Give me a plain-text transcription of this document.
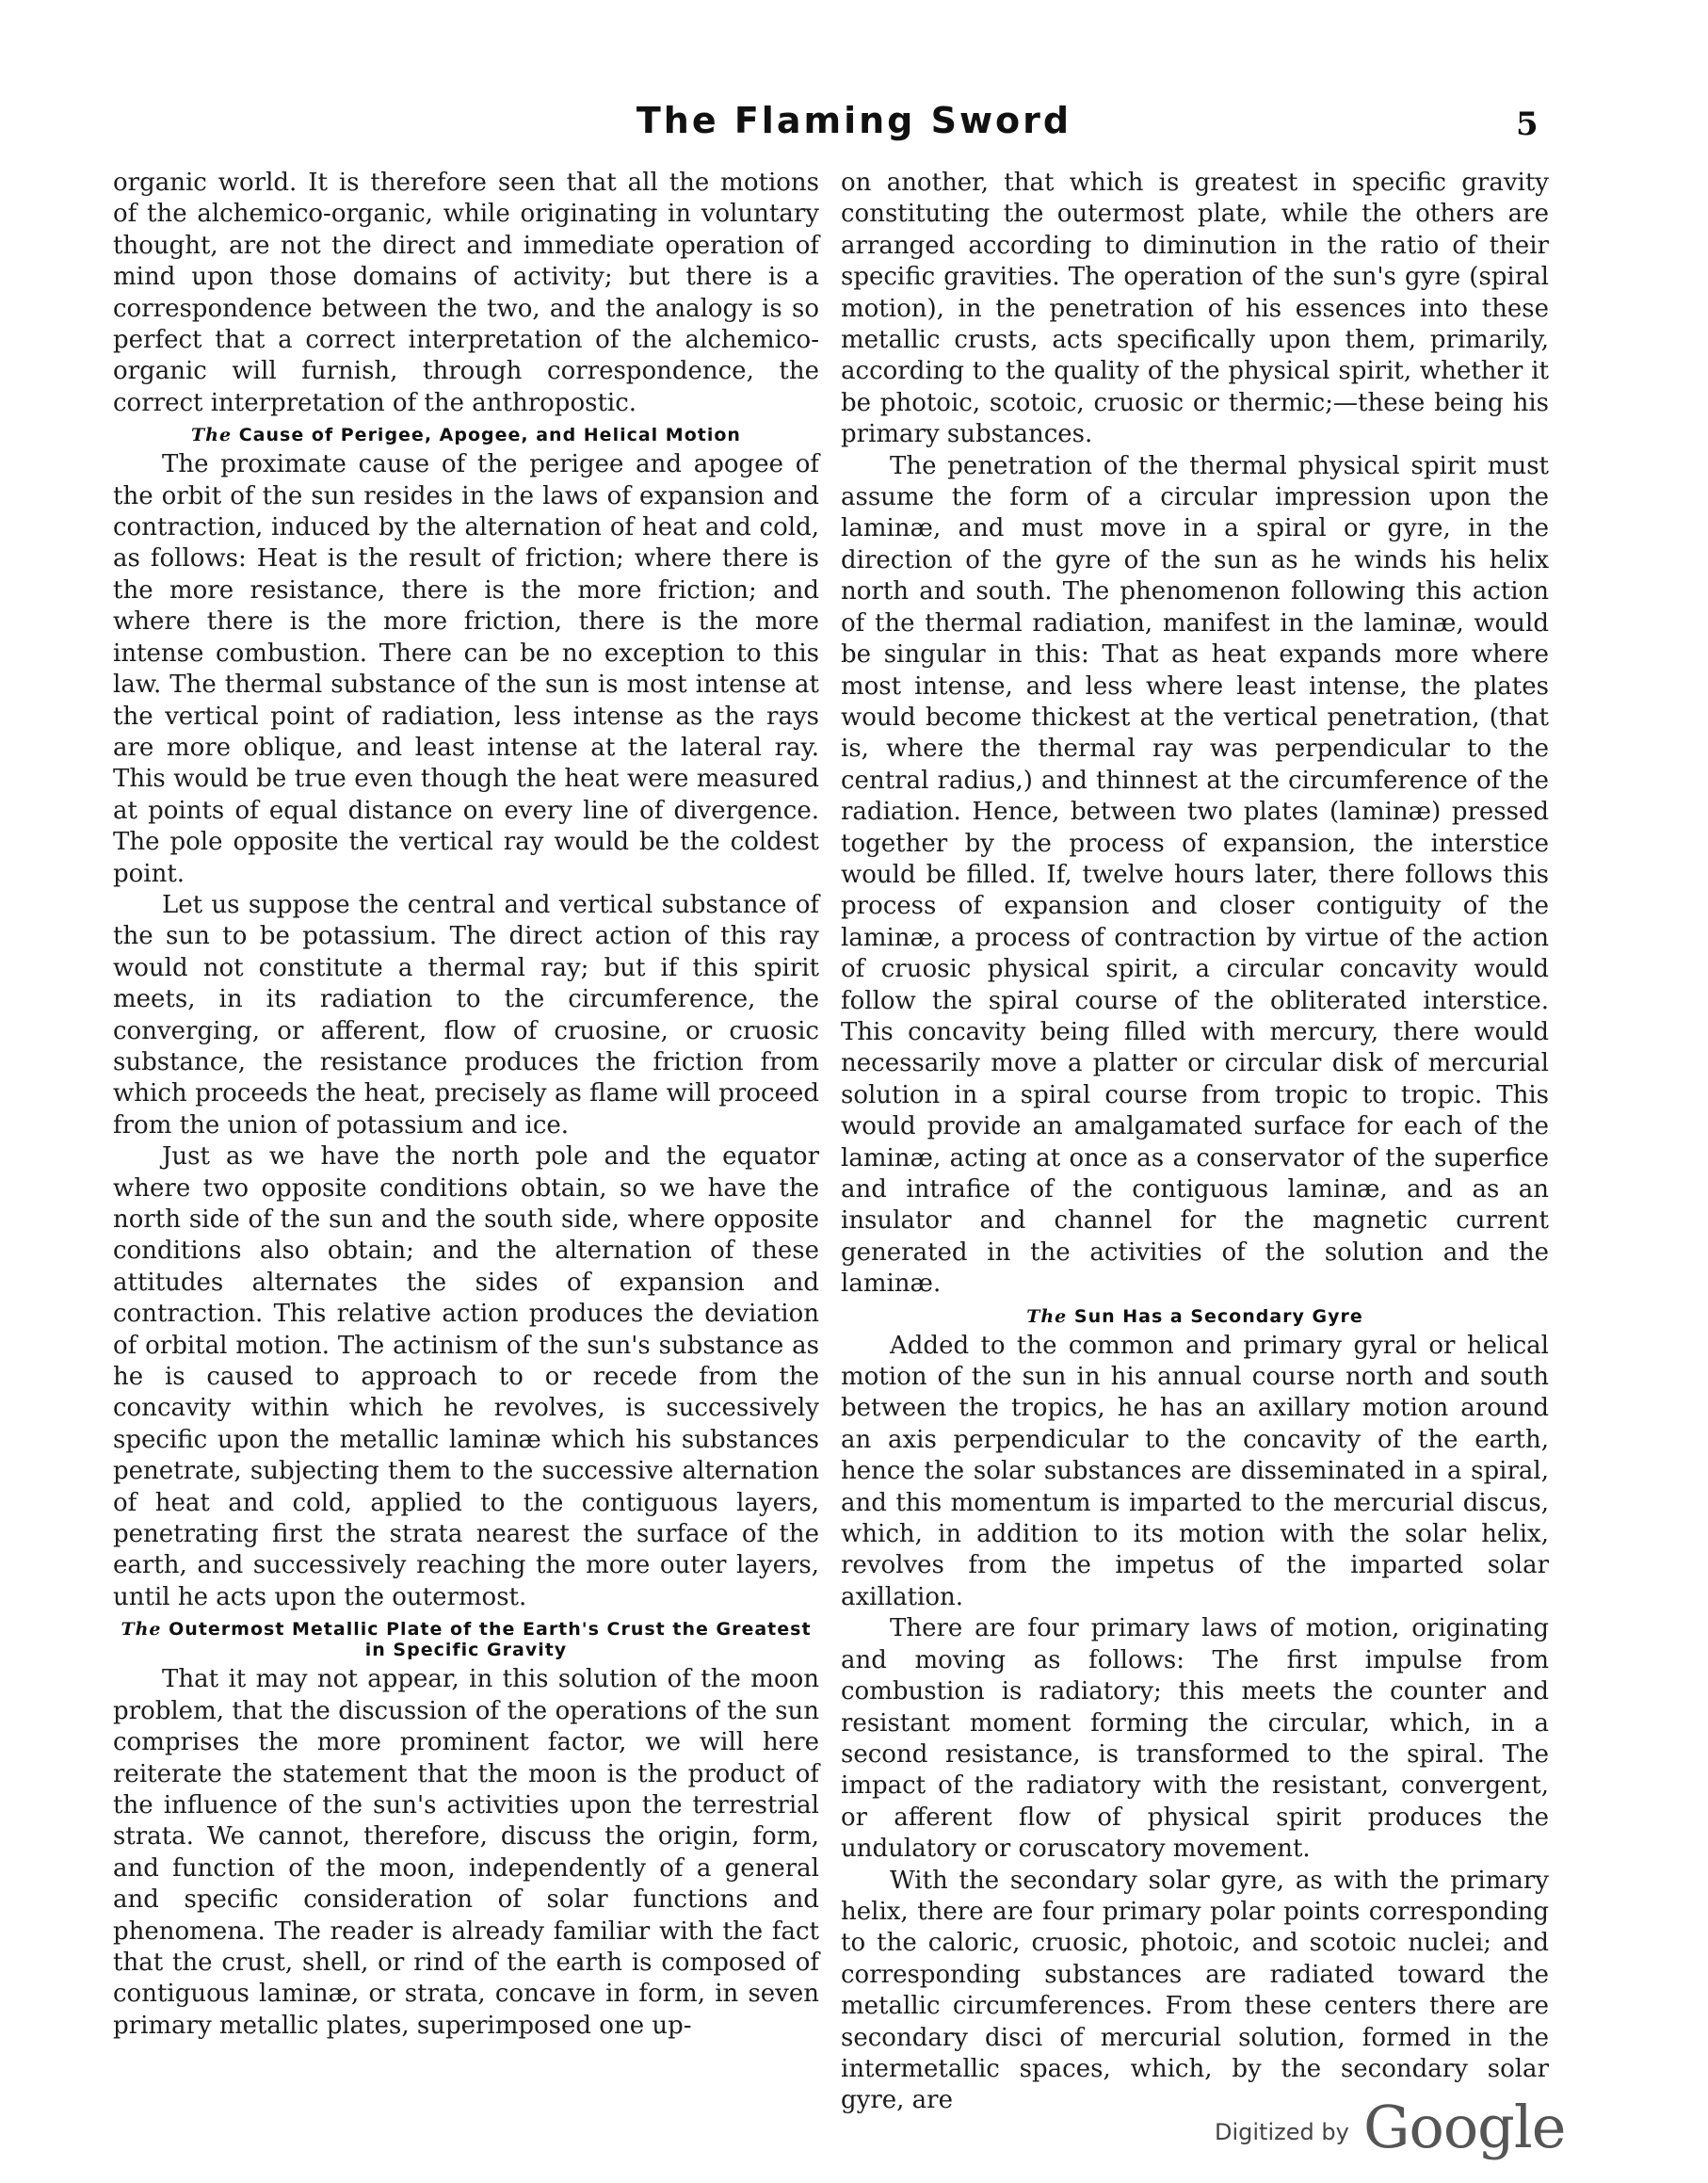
The Flaming Sword	5

organic world. It is therefore seen that all the motions of the alchemico-organic, while originating in voluntary thought, are not the direct and immediate operation of mind upon those domains of activity; but there is a correspondence between the two, and the analogy is so perfect that a correct interpretation of the alchemico-organic will furnish, through correspondence, the correct interpretation of the anthropostic.

The Cause of Perigee, Apogee, and Helical Motion

The proximate cause of the perigee and apogee of the orbit of the sun resides in the laws of expansion and contraction, induced by the alternation of heat and cold, as follows: Heat is the result of friction; where there is the more resistance, there is the more friction; and where there is the more friction, there is the more intense combustion. There can be no exception to this law. The thermal substance of the sun is most intense at the vertical point of radiation, less intense as the rays are more oblique, and least intense at the lateral ray. This would be true even though the heat were measured at points of equal distance on every line of divergence. The pole opposite the vertical ray would be the coldest point.

Let us suppose the central and vertical substance of the sun to be potassium. The direct action of this ray would not constitute a thermal ray; but if this spirit meets, in its radiation to the circumference, the converging, or afferent, flow of cruosine, or cruosic substance, the resistance produces the friction from which proceeds the heat, precisely as flame will proceed from the union of potassium and ice.

Just as we have the north pole and the equator where two opposite conditions obtain, so we have the north side of the sun and the south side, where opposite conditions also obtain; and the alternation of these attitudes alternates the sides of expansion and contraction. This relative action produces the deviation of orbital motion. The actinism of the sun's substance as he is caused to approach to or recede from the concavity within which he revolves, is successively specific upon the metallic laminæ which his substances penetrate, subjecting them to the successive alternation of heat and cold, applied to the contiguous layers, penetrating first the strata nearest the surface of the earth, and successively reaching the more outer layers, until he acts upon the outermost.

The Outermost Metallic Plate of the Earth's Crust the Greatest in Specific Gravity

That it may not appear, in this solution of the moon problem, that the discussion of the operations of the sun comprises the more prominent factor, we will here reiterate the statement that the moon is the product of the influence of the sun's activities upon the terrestrial strata. We cannot, therefore, discuss the origin, form, and function of the moon, independently of a general and specific consideration of solar functions and phenomena. The reader is already familiar with the fact that the crust, shell, or rind of the earth is composed of contiguous laminæ, or strata, concave in form, in seven primary metallic plates, superimposed one up-

on another, that which is greatest in specific gravity constituting the outermost plate, while the others are arranged according to diminution in the ratio of their specific gravities. The operation of the sun's gyre (spiral motion), in the penetration of his essences into these metallic crusts, acts specifically upon them, primarily, according to the quality of the physical spirit, whether it be photoic, scotoic, cruosic or thermic;—these being his primary substances.

The penetration of the thermal physical spirit must assume the form of a circular impression upon the laminæ, and must move in a spiral or gyre, in the direction of the gyre of the sun as he winds his helix north and south. The phenomenon following this action of the thermal radiation, manifest in the laminæ, would be singular in this: That as heat expands more where most intense, and less where least intense, the plates would become thickest at the vertical penetration, (that is, where the thermal ray was perpendicular to the central radius,) and thinnest at the circumference of the radiation. Hence, between two plates (laminæ) pressed together by the process of expansion, the interstice would be filled. If, twelve hours later, there follows this process of expansion and closer contiguity of the laminæ, a process of contraction by virtue of the action of cruosic physical spirit, a circular concavity would follow the spiral course of the obliterated interstice. This concavity being filled with mercury, there would necessarily move a platter or circular disk of mercurial solution in a spiral course from tropic to tropic. This would provide an amalgamated surface for each of the laminæ, acting at once as a conservator of the superfice and intrafice of the contiguous laminæ, and as an insulator and channel for the magnetic current generated in the activities of the solution and the laminæ.

The Sun Has a Secondary Gyre

Added to the common and primary gyral or helical motion of the sun in his annual course north and south between the tropics, he has an axillary motion around an axis perpendicular to the concavity of the earth, hence the solar substances are disseminated in a spiral, and this momentum is imparted to the mercurial discus, which, in addition to its motion with the solar helix, revolves from the impetus of the imparted solar axillation.

There are four primary laws of motion, originating and moving as follows: The first impulse from combustion is radiatory; this meets the counter and resistant moment forming the circular, which, in a second resistance, is transformed to the spiral. The impact of the radiatory with the resistant, convergent, or afferent flow of physical spirit produces the undulatory or coruscatory movement.

With the secondary solar gyre, as with the primary helix, there are four primary polar points corresponding to the caloric, cruosic, photoic, and scotoic nuclei; and corresponding substances are radiated toward the metallic circumferences. From these centers there are secondary disci of mercurial solution, formed in the intermetallic spaces, which, by the secondary solar gyre, are

Digitized by Google
